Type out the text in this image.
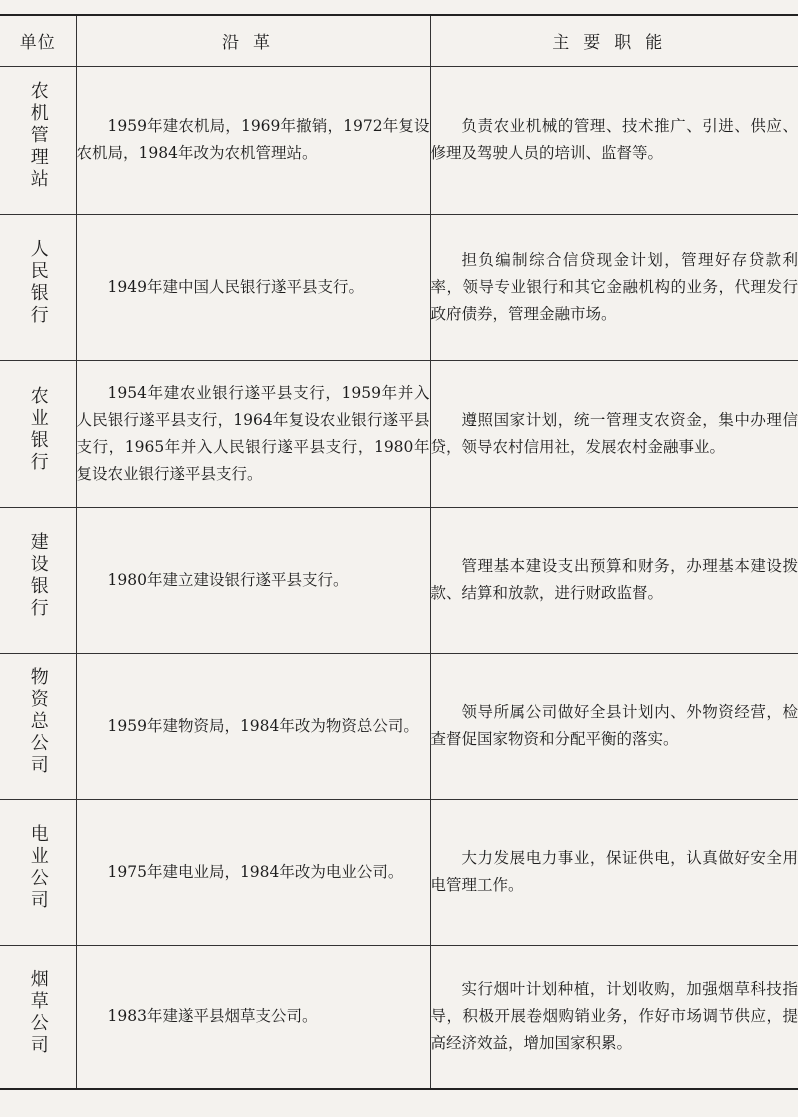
单位	沿革	主要职能
农机管理站	1959年建农机局，1969年撤销，1972年复设农机局，1984年改为农机管理站。	负责农业机械的管理、技术推广、引进、供应、修理及驾驶人员的培训、监督等。

人民银行	1949年建中国人民银行遂平县支行。	担负编制综合信贷现金计划，管理好存贷款利率，领导专业银行和其它金融机构的业务，代理发行政府债券，管理金融市场。

农业银行	1954年建农业银行遂平县支行，1959年并入人民银行遂平县支行，1964年复设农业银行遂平县支行，1965年并入人民银行遂平县支行，1980年复设农业银行遂平县支行。	遵照国家计划，统一管理支农资金，集中办理信贷，领导农村信用社，发展农村金融事业。

建设银行	1980年建立建设银行遂平县支行。	管理基本建设支出预算和财务，办理基本建设拨款、结算和放款，进行财政监督。

物资总公司	1959年建物资局，1984年改为物资总公司。	领导所属公司做好全县计划内、外物资经营，检查督促国家物资和分配平衡的落实。

电业公司	1975年建电业局，1984年改为电业公司。	大力发展电力事业，保证供电，认真做好安全用电管理工作。

烟草公司	1983年建遂平县烟草支公司。	实行烟叶计划种植，计划收购，加强烟草科技指导，积极开展卷烟购销业务，作好市场调节供应，提高经济效益，增加国家积累。
